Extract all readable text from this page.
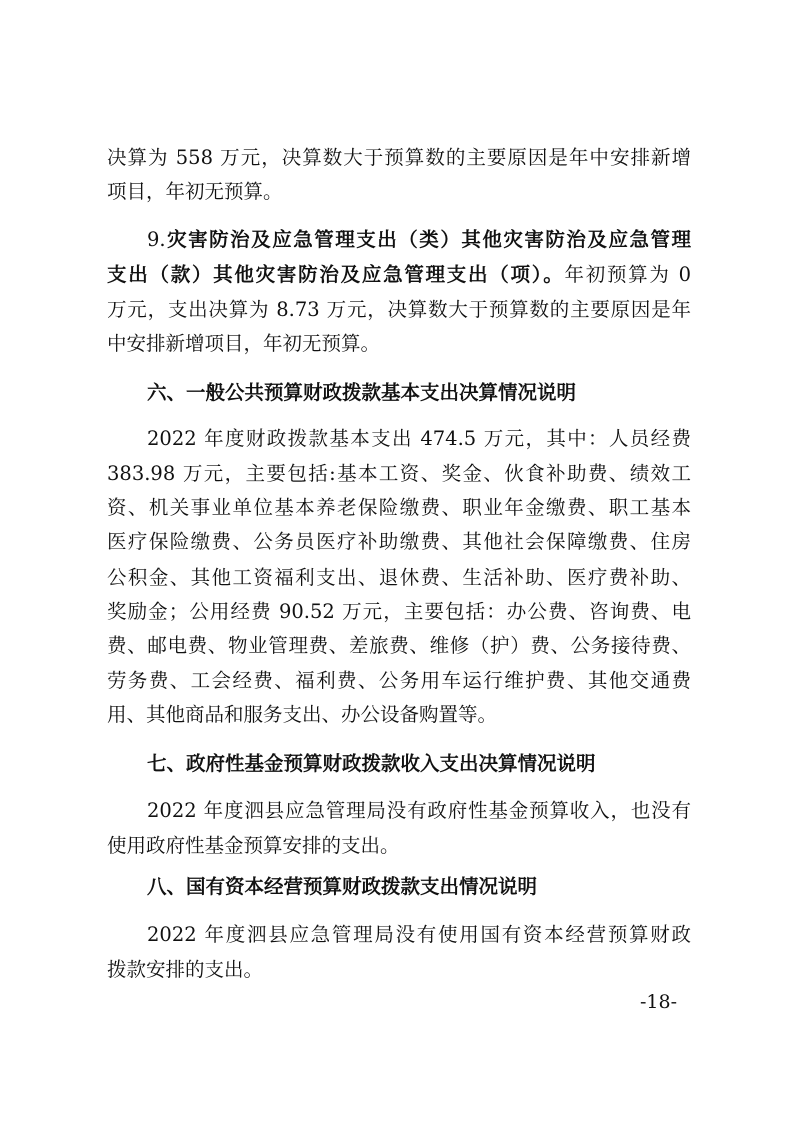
决算为 558 万元，决算数大于预算数的主要原因是年中安排新增

项目，年初无预算。

9.灾害防治及应急管理支出（类）其他灾害防治及应急管理

支出（款）其他灾害防治及应急管理支出（项）。年初预算为 0

万元，支出决算为 8.73 万元，决算数大于预算数的主要原因是年

中安排新增项目，年初无预算。

六、一般公共预算财政拨款基本支出决算情况说明

2022 年度财政拨款基本支出 474.5 万元，其中：人员经费

383.98 万元，主要包括:基本工资、奖金、伙食补助费、绩效工

资、机关事业单位基本养老保险缴费、职业年金缴费、职工基本

医疗保险缴费、公务员医疗补助缴费、其他社会保障缴费、住房

公积金、其他工资福利支出、退休费、生活补助、医疗费补助、

奖励金；公用经费 90.52 万元，主要包括：办公费、咨询费、电

费、邮电费、物业管理费、差旅费、维修（护）费、公务接待费、

劳务费、工会经费、福利费、公务用车运行维护费、其他交通费

用、其他商品和服务支出、办公设备购置等。

七、政府性基金预算财政拨款收入支出决算情况说明

2022 年度泗县应急管理局没有政府性基金预算收入，也没有

使用政府性基金预算安排的支出。

八、国有资本经营预算财政拨款支出情况说明

2022 年度泗县应急管理局没有使用国有资本经营预算财政

拨款安排的支出。

-18-
